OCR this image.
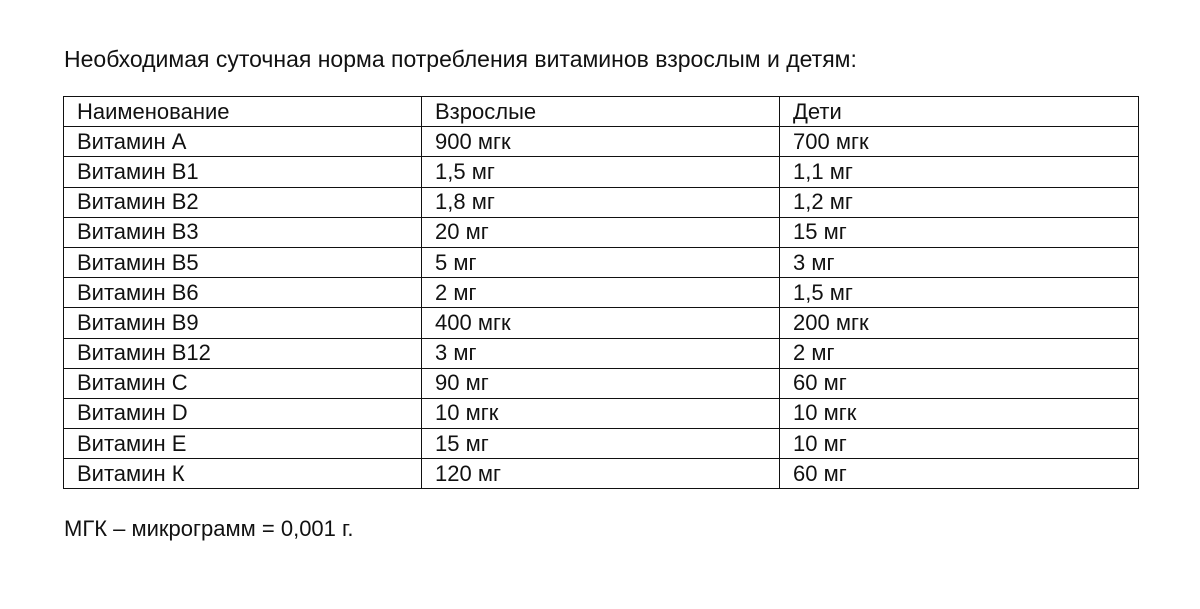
Необходимая суточная норма потребления витаминов взрослым и детям:
Наименование	Взрослые	Дети
Витамин А	900 мгк	700 мгк
Витамин В1	1,5 мг	1,1 мг
Витамин В2	1,8 мг	1,2 мг
Витамин В3	20 мг	15 мг
Витамин В5	5 мг	3 мг
Витамин В6	2 мг	1,5 мг
Витамин В9	400 мгк	200 мгк
Витамин В12	3 мг	2 мг
Витамин С	90 мг	60 мг
Витамин D	10 мгк	10 мгк
Витамин Е	15 мг	10 мг
Витамин К	120 мг	60 мг
МГК – микрограмм = 0,001 г.
